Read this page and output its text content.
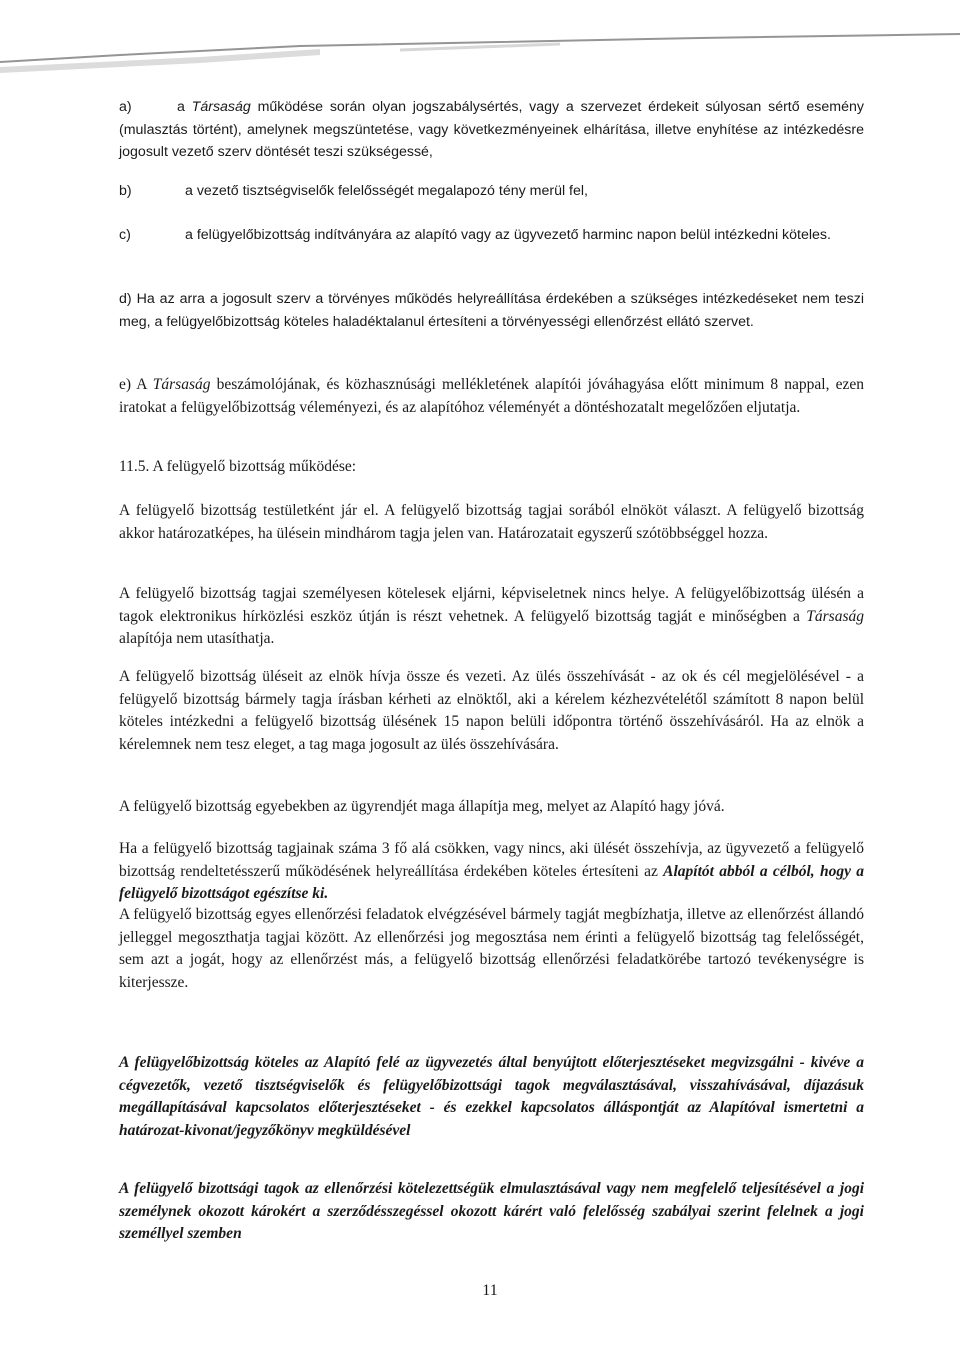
a)	a Társaság működése során olyan jogszabálysértés, vagy a szervezet érdekeit súlyosan sértő esemény (mulasztás történt), amelynek megszüntetése, vagy következményeinek elhárítása, illetve enyhítése az intézkedésre jogosult vezető szerv döntését teszi szükségessé,

b)	a vezető tisztségviselők felelősségét megalapozó tény merül fel,

c)	a felügyelőbizottság indítványára az alapító vagy az ügyvezető harminc napon belül intézkedni köteles.

d) Ha az arra a jogosult szerv a törvényes működés helyreállítása érdekében a szükséges intézkedéseket nem teszi meg, a felügyelőbizottság köteles haladéktalanul értesíteni a törvényességi ellenőrzést ellátó szervet.

e) A Társaság beszámolójának, és közhasznúsági mellékletének alapítói jóváhagyása előtt minimum 8 nappal, ezen iratokat a felügyelőbizottság véleményezi, és az alapítóhoz véleményét a döntéshozatalt megelőzően eljutatja.

11.5. A felügyelő bizottság működése:

A felügyelő bizottság testületként jár el. A felügyelő bizottság tagjai sorából elnököt választ. A felügyelő bizottság akkor határozatképes, ha ülésein mindhárom tagja jelen van. Határozatait egyszerű szótöbbséggel hozza.

A felügyelő bizottság tagjai személyesen kötelesek eljárni, képviseletnek nincs helye. A felügyelőbizottság ülésén a tagok elektronikus hírközlési eszköz útján is részt vehetnek. A felügyelő bizottság tagját e minőségben a Társaság alapítója nem utasíthatja.

A felügyelő bizottság üléseit az elnök hívja össze és vezeti. Az ülés összehívását - az ok és cél megjelölésével - a felügyelő bizottság bármely tagja írásban kérheti az elnöktől, aki a kérelem kézhezvételétől számított 8 napon belül köteles intézkedni a felügyelő bizottság ülésének 15 napon belüli időpontra történő összehívásáról. Ha az elnök a kérelemnek nem tesz eleget, a tag maga jogosult az ülés összehívására.

A felügyelő bizottság egyebekben az ügyrendjét maga állapítja meg, melyet az Alapító hagy jóvá.

Ha a felügyelő bizottság tagjainak száma 3 fő alá csökken, vagy nincs, aki ülését összehívja, az ügyvezető a felügyelő bizottság rendeltetésszerű működésének helyreállítása érdekében köteles értesíteni az Alapítót abból a célból, hogy a felügyelő bizottságot egészítse ki.

A felügyelő bizottság egyes ellenőrzési feladatok elvégzésével bármely tagját megbízhatja, illetve az ellenőrzést állandó jelleggel megoszthatja tagjai között. Az ellenőrzési jog megosztása nem érinti a felügyelő bizottság tag felelősségét, sem azt a jogát, hogy az ellenőrzést más, a felügyelő bizottság ellenőrzési feladatkörébe tartozó tevékenységre is kiterjessze.

A felügyelőbizottság köteles az Alapító felé az ügyvezetés által benyújtott előterjesztéseket megvizsgálni - kivéve a cégvezetők, vezető tisztségviselők és felügyelőbizottsági tagok megválasztásával, visszahívásával, díjazásuk megállapításával kapcsolatos előterjesztéseket - és ezekkel kapcsolatos álláspontját az Alapítóval ismertetni a határozat-kivonat/jegyzőkönyv megküldésével

A felügyelő bizottsági tagok az ellenőrzési kötelezettségük elmulasztásával vagy nem megfelelő teljesítésével a jogi személynek okozott károkért a szerződésszegéssel okozott kárért való felelősség szabályai szerint felelnek a jogi személlyel szemben

11
